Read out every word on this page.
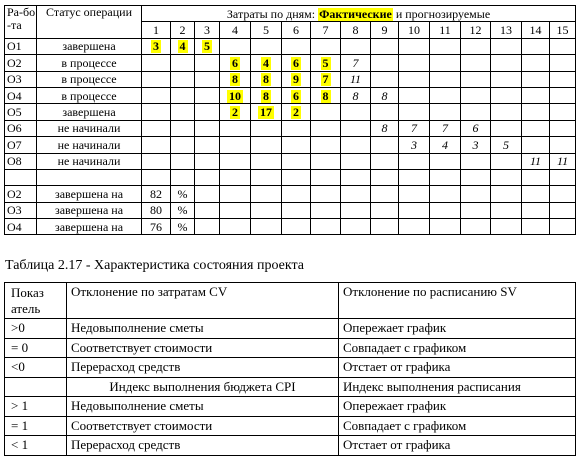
Ра-бо-та	Статус операции	Затраты по дням: Фактические и прогнозируемые														
		1	2	3	4	5	6	7	8	9	10	11	12	13	14	15
O1	завершена	3	4	5												
O2	в процессе				6	4	6	5	7							
O3	в процессе				8	8	9	7	11							
O4	в процессе				10	8	6	8	8	8						
O5	завершена				2	17	2									
O6	не начинали									8	7	7	6			
O7	не начинали										3	4	3	5		
O8	не начинали														11	11

O2	завершена на	82	%													
O3	завершена на	80	%													
O4	завершена на	76	%													
Таблица 2.17 - Характеристика состояния проекта
Показ атель	Отклонение по затратам CV	Отклонение по расписанию SV
>0	Недовыполнение сметы	Опережает график
= 0	Соответствует стоимости	Совпадает с графиком
<0	Перерасход средств	Отстает от графика
	Индекс выполнения бюджета CPI	Индекс выполнения расписания
> 1	Недовыполнение сметы	Опережает график
= 1	Соответствует стоимости	Совпадает с графиком
< 1	Перерасход средств	Отстает от графика
